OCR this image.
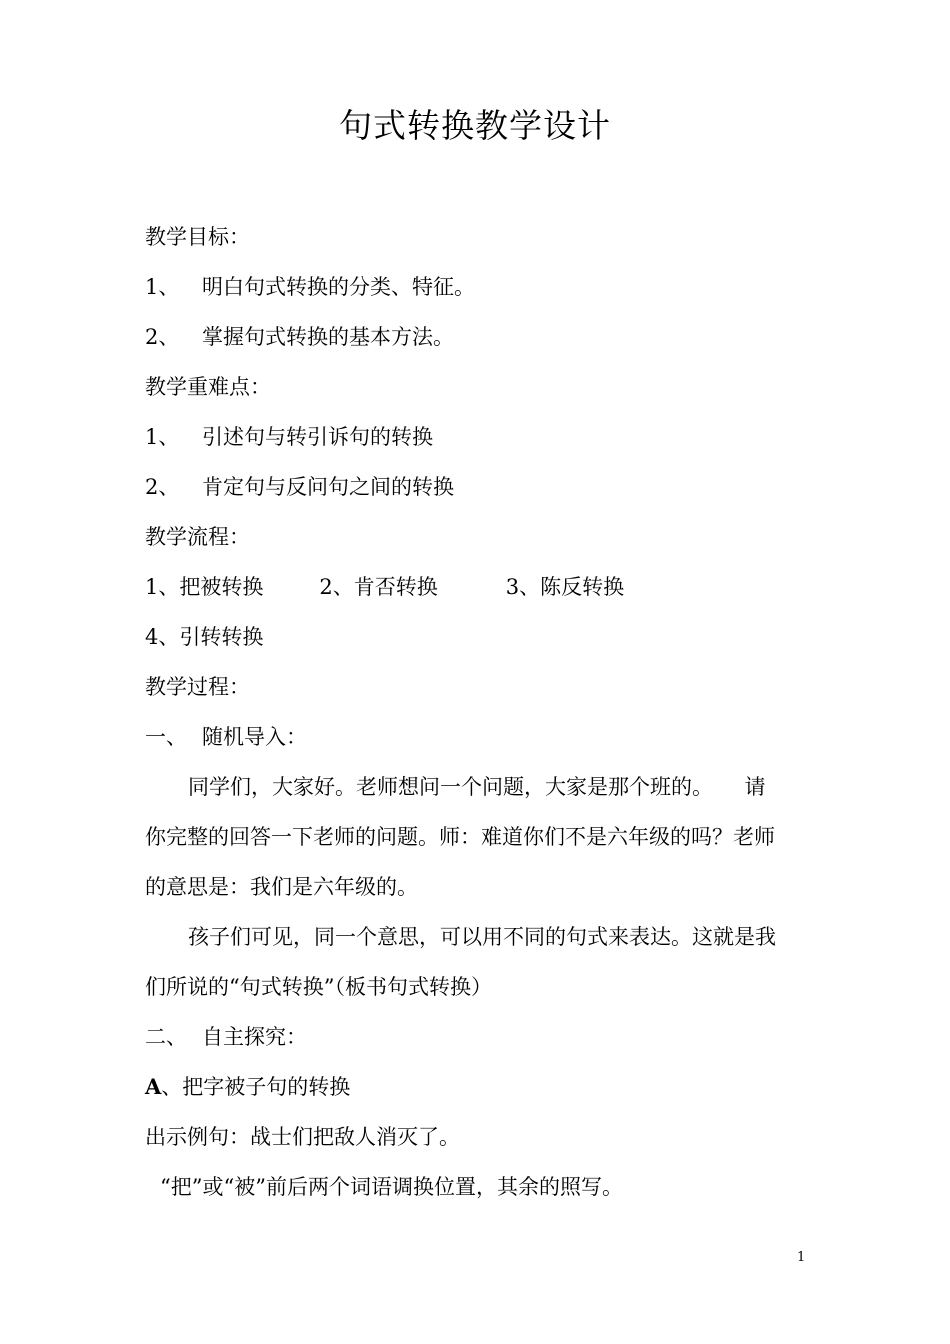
句式转换教学设计
教学目标：
1、 明白句式转换的分类、特征。
2、 掌握句式转换的基本方法。
教学重难点：
1、 引述句与转引诉句的转换
2、 肯定句与反问句之间的转换
教学流程：
1、把被转换	2、肯否转换	3、陈反转换
4、引转转换
教学过程：
一、 随机导入：
同学们，大家好。老师想问一个问题，大家是那个班的。　　请
你完整的回答一下老师的问题。师：难道你们不是六年级的吗？老师
的意思是：我们是六年级的。
孩子们可见，同一个意思，可以用不同的句式来表达。这就是我
们所说的“句式转换”（板书句式转换）
二、 自主探究：
A、把字被子句的转换
出示例句：战士们把敌人消灭了。
“把”或“被”前后两个词语调换位置，其余的照写。
1
